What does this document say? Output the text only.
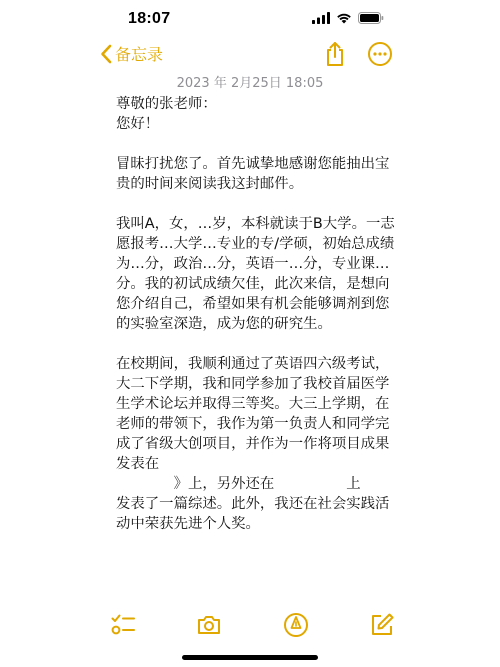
18:07
备忘录
2023 年 2月25日 18:05

尊敬的张老师：
您好！

冒昧打扰您了。首先诚挚地感谢您能抽出宝贵的时间来阅读我这封邮件。

我叫A，女，…岁，本科就读于B大学。一志愿报考…大学…专业的专/学硕，初始总成绩为…分，政治…分，英语一…分，专业课…分。我的初试成绩欠佳，此次来信，是想向您介绍自己，希望如果有机会能够调剂到您的实验室深造，成为您的研究生。

在校期间，我顺利通过了英语四六级考试，大二下学期，我和同学参加了我校首届医学生学术论坛并取得三等奖。大三上学期，在老师的带领下，我作为第一负责人和同学完成了省级大创项目，并作为一作将项目成果发表在
　　　　》上，另外还在　　　　　上
发表了一篇综述。此外，我还在社会实践活动中荣获先进个人奖。
